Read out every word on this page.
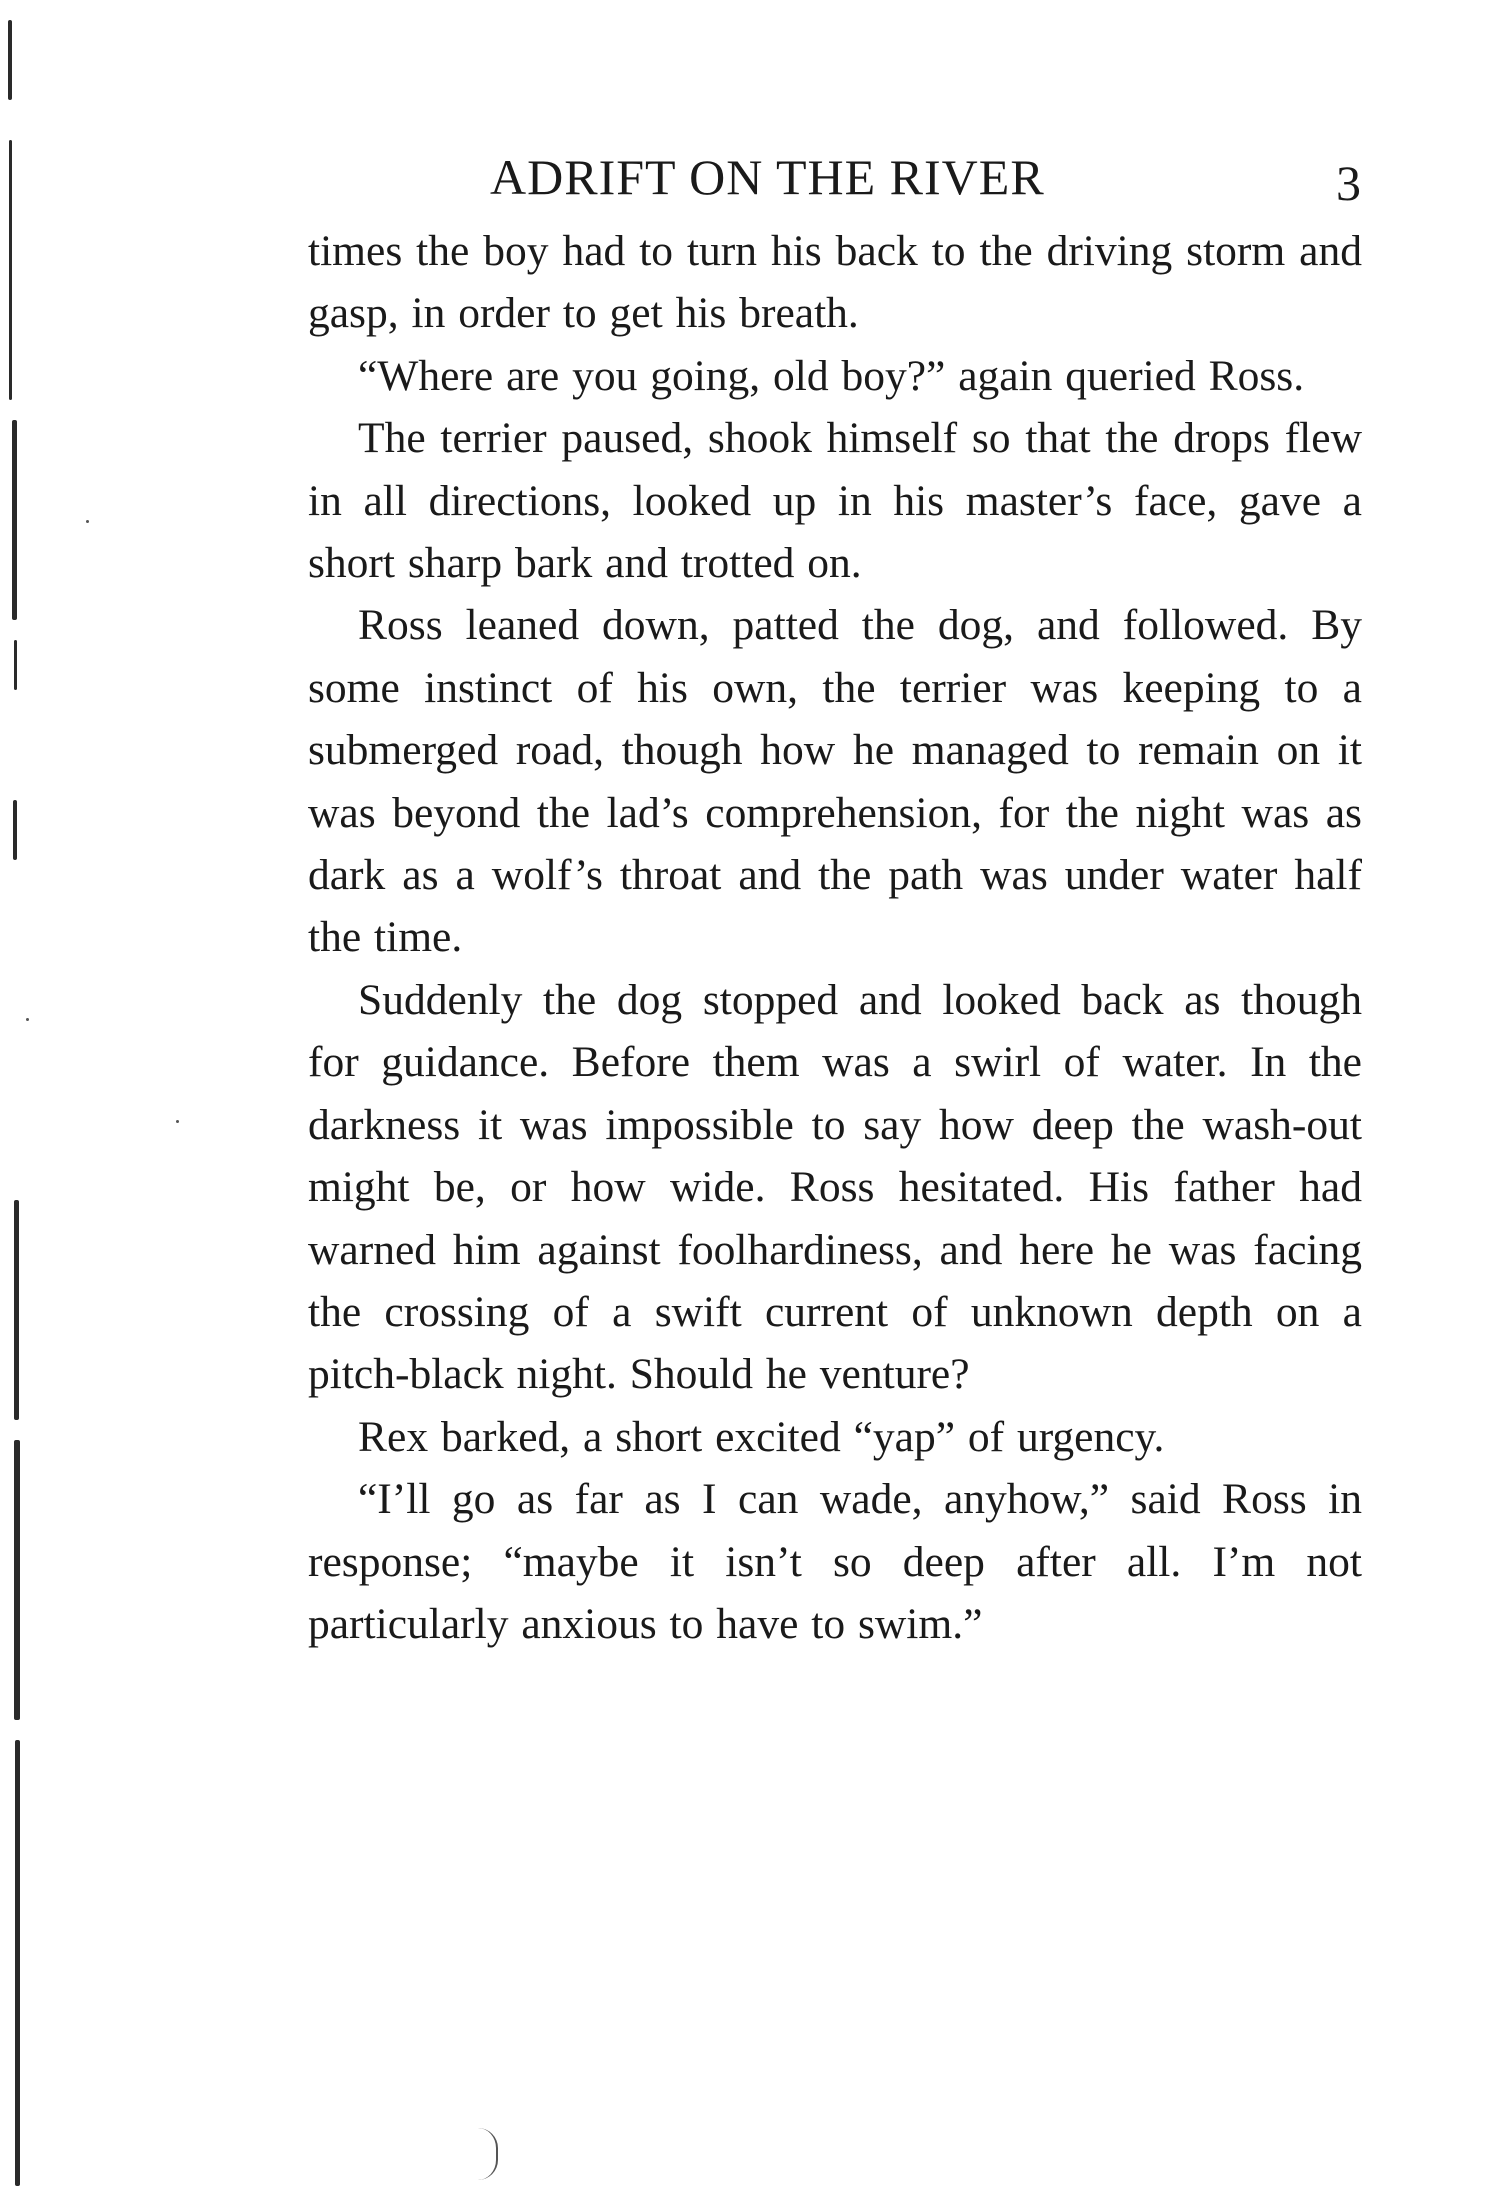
ADRIFT ON THE RIVER	3

times the boy had to turn his back to the driving storm and gasp, in order to get his breath.

“Where are you going, old boy?” again queried Ross.

The terrier paused, shook himself so that the drops flew in all directions, looked up in his master’s face, gave a short sharp bark and trotted on.

Ross leaned down, patted the dog, and followed. By some instinct of his own, the terrier was keeping to a submerged road, though how he managed to remain on it was beyond the lad’s comprehension, for the night was as dark as a wolf’s throat and the path was under water half the time.

Suddenly the dog stopped and looked back as though for guidance. Before them was a swirl of water. In the darkness it was impossible to say how deep the wash-out might be, or how wide. Ross hesitated. His father had warned him against foolhardiness, and here he was facing the crossing of a swift current of unknown depth on a pitch-black night. Should he venture?

Rex barked, a short excited “yap” of urgency.

“I’ll go as far as I can wade, anyhow,” said Ross in response; “maybe it isn’t so deep after all. I’m not particularly anxious to have to swim.”
